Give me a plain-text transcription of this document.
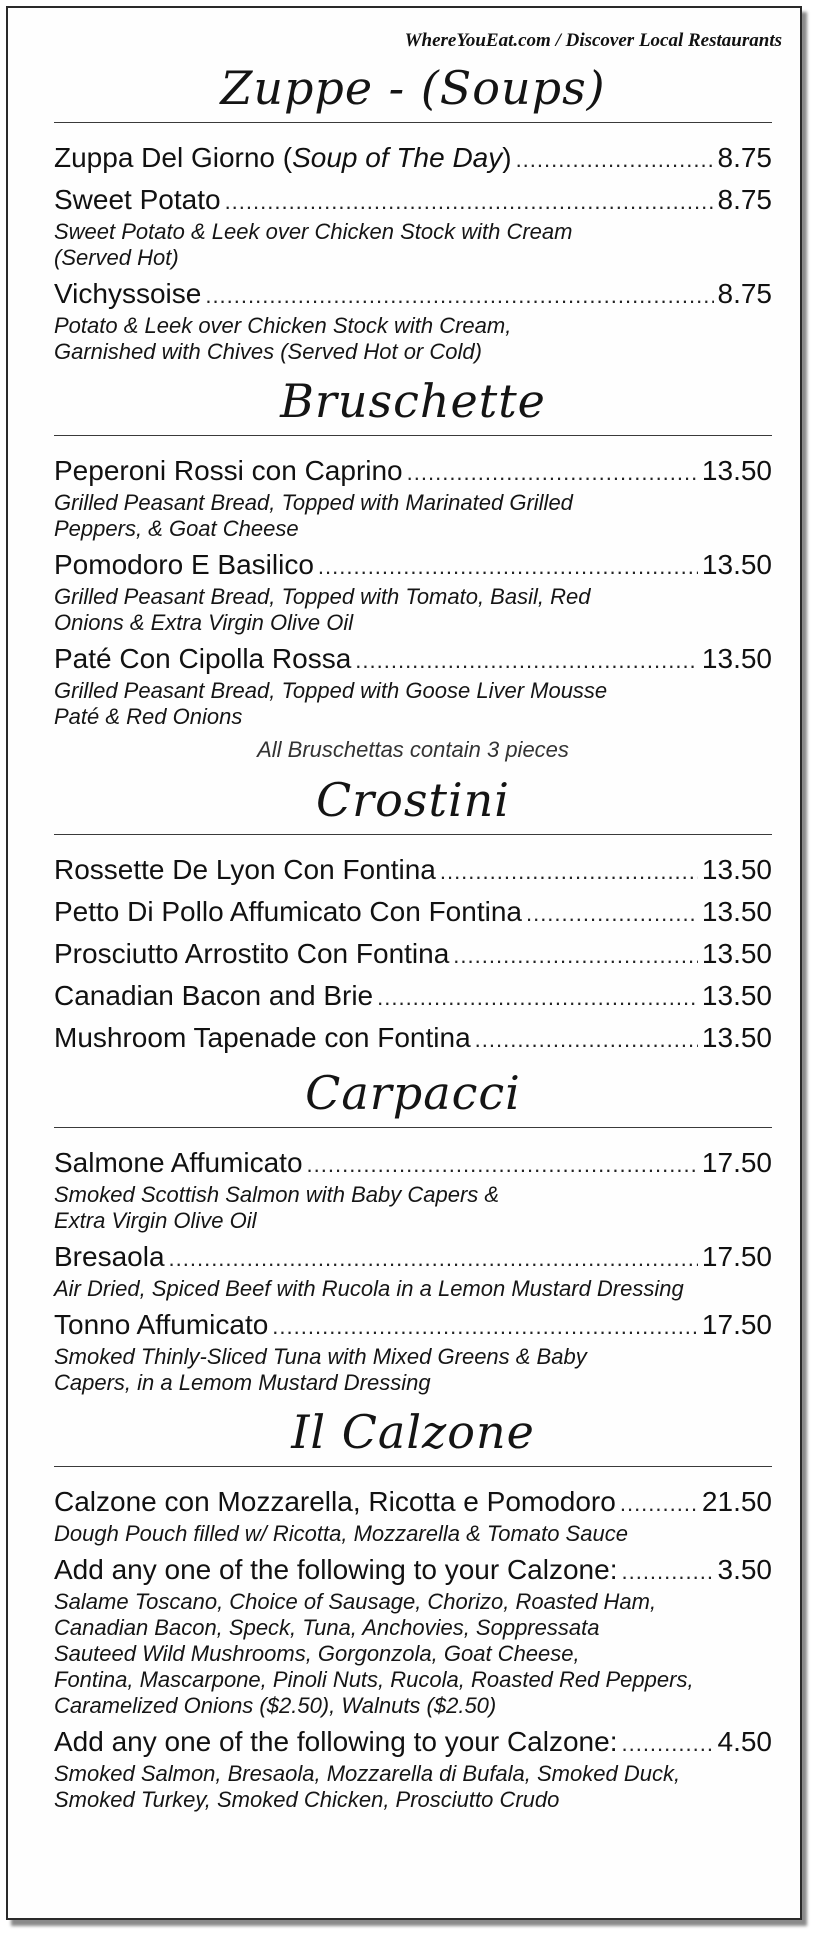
WhereYouEat.com / Discover Local Restaurants
Zuppe - (Soups)
Zuppa Del Giorno (Soup of The Day) .....	8.75
Sweet Potato .....	8.75
Sweet Potato & Leek over Chicken Stock with Cream
(Served Hot)
Vichyssoise .....	8.75
Potato & Leek over Chicken Stock with Cream,
Garnished with Chives (Served Hot or Cold)
Bruschette
Peperoni Rossi con Caprino .....	13.50
Grilled Peasant Bread, Topped with Marinated Grilled
Peppers, & Goat Cheese
Pomodoro E Basilico .....	13.50
Grilled Peasant Bread, Topped with Tomato, Basil, Red
Onions & Extra Virgin Olive Oil
Paté Con Cipolla Rossa .....	13.50
Grilled Peasant Bread, Topped with Goose Liver Mousse
Paté & Red Onions
All Bruschettas contain 3 pieces
Crostini
Rossette De Lyon Con Fontina .....	13.50
Petto Di Pollo Affumicato Con Fontina .....	13.50
Prosciutto Arrostito Con Fontina .....	13.50
Canadian Bacon and Brie .....	13.50
Mushroom Tapenade con Fontina .....	13.50
Carpacci
Salmone Affumicato .....	17.50
Smoked Scottish Salmon with Baby Capers &
Extra Virgin Olive Oil
Bresaola .....	17.50
Air Dried, Spiced Beef with Rucola in a Lemon Mustard Dressing
Tonno Affumicato .....	17.50
Smoked Thinly-Sliced Tuna with Mixed Greens & Baby
Capers, in a Lemom Mustard Dressing
Il Calzone
Calzone con Mozzarella, Ricotta e Pomodoro .....	21.50
Dough Pouch filled w/ Ricotta, Mozzarella & Tomato Sauce
Add any one of the following to your Calzone: .....	3.50
Salame Toscano, Choice of Sausage, Chorizo, Roasted Ham,
Canadian Bacon, Speck, Tuna, Anchovies, Soppressata
Sauteed Wild Mushrooms, Gorgonzola, Goat Cheese,
Fontina, Mascarpone, Pinoli Nuts, Rucola, Roasted Red Peppers,
Caramelized Onions ($2.50), Walnuts ($2.50)
Add any one of the following to your Calzone: .....	4.50
Smoked Salmon, Bresaola, Mozzarella di Bufala, Smoked Duck,
Smoked Turkey, Smoked Chicken, Prosciutto Crudo
